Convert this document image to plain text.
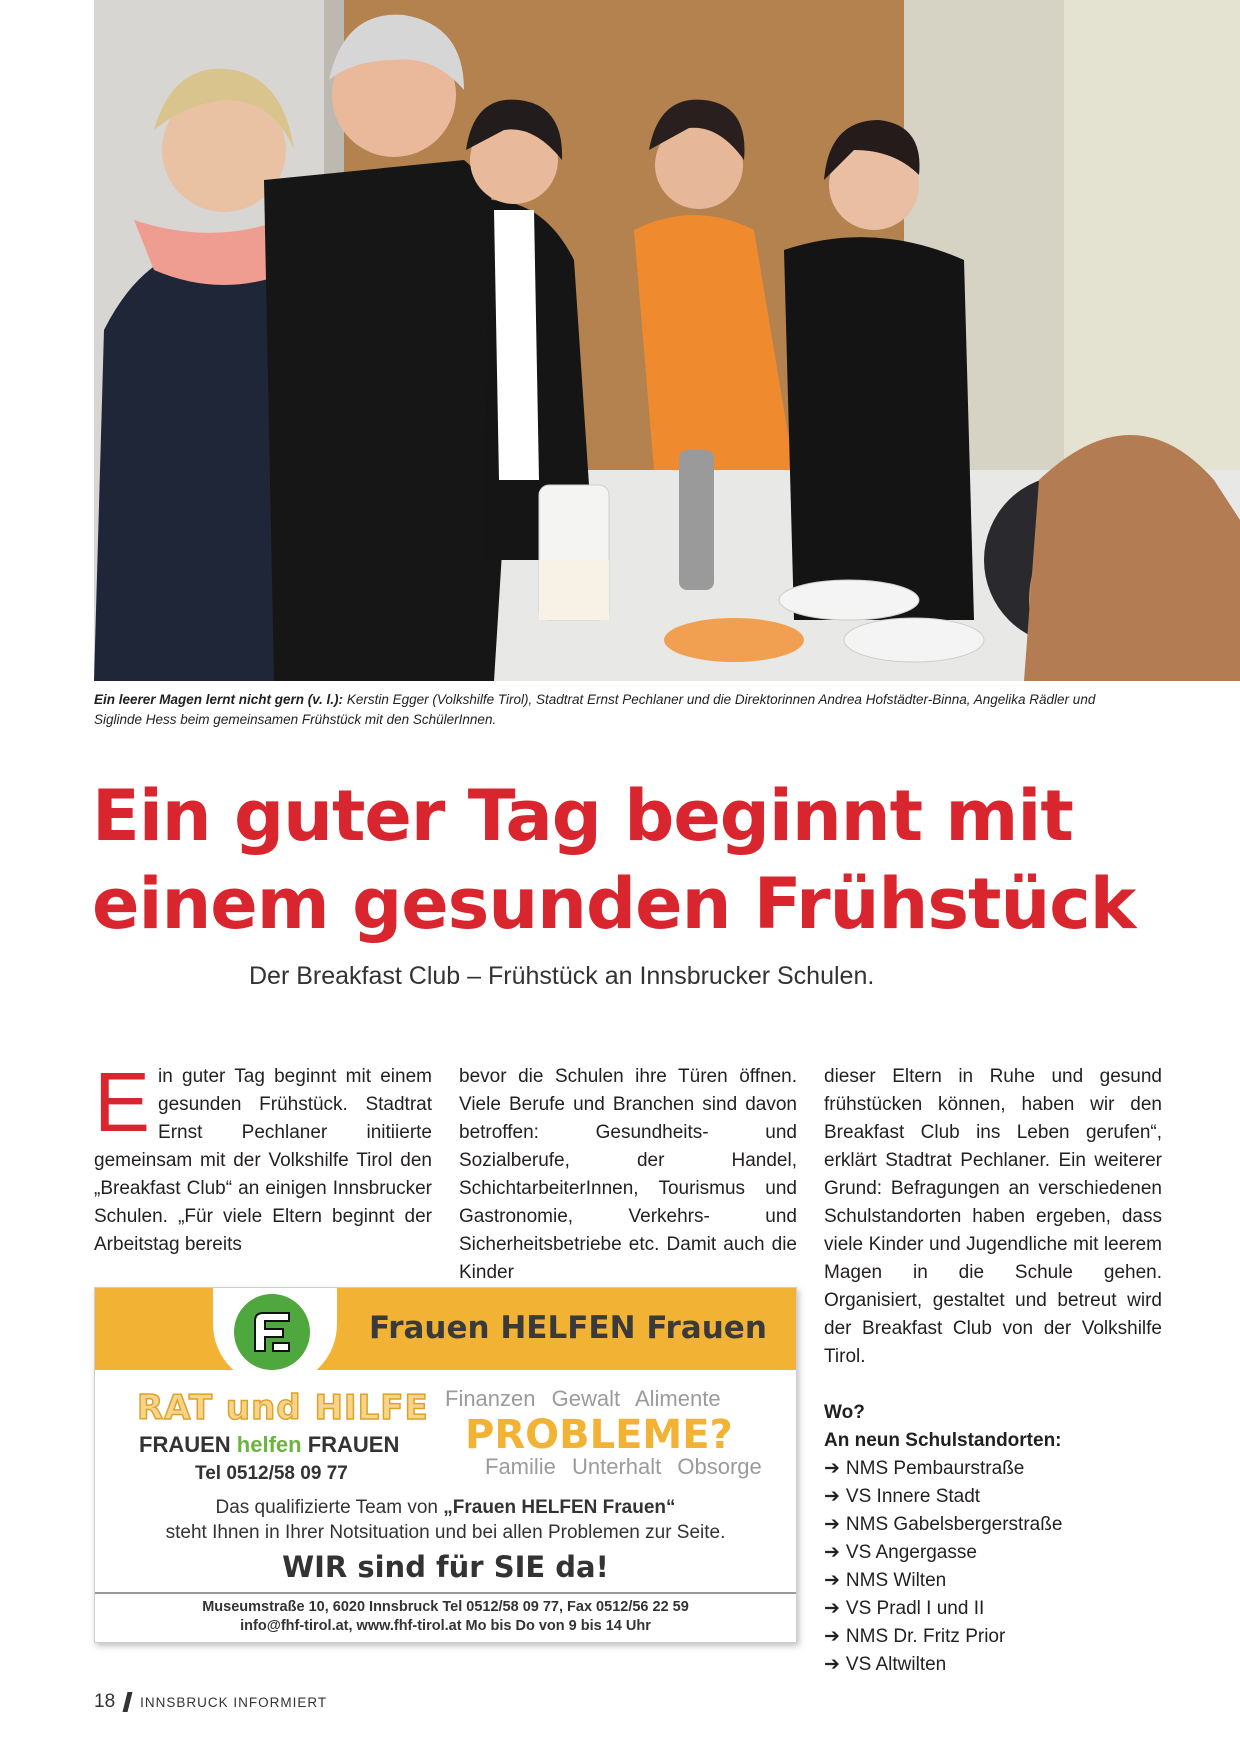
Ein leerer Magen lernt nicht gern (v. l.): Kerstin Egger (Volkshilfe Tirol), Stadtrat Ernst Pechlaner und die Direktorinnen Andrea Hofstädter-Binna, Angelika Rädler und Siglinde Hess beim gemeinsamen Frühstück mit den SchülerInnen.
Ein guter Tag beginnt mit
einem gesunden Frühstück
Der Breakfast Club – Frühstück an Innsbrucker Schulen.
Ein guter Tag beginnt mit einem gesunden Frühstück. Stadtrat Ernst Pechlaner initiierte gemeinsam mit der Volkshilfe Tirol den „Breakfast Club“ an einigen Innsbrucker Schulen. „Für viele Eltern beginnt der Arbeitstag bereits
bevor die Schulen ihre Türen öffnen. Viele Berufe und Branchen sind davon betroffen: Gesundheits- und Sozialberufe, der Handel, SchichtarbeiterInnen, Tourismus und Gastronomie, Verkehrs- und Sicherheitsbetriebe etc. Damit auch die Kinder
dieser Eltern in Ruhe und gesund frühstücken können, haben wir den Breakfast Club ins Leben gerufen“, erklärt Stadtrat Pechlaner. Ein weiterer Grund: Befragungen an verschiedenen Schulstandorten haben ergeben, dass viele Kinder und Jugendliche mit leerem Magen in die Schule gehen. Organisiert, gestaltet und betreut wird der Breakfast Club von der Volkshilfe Tirol.
Wo?
An neun Schulstandorten:
➔ NMS Pembaurstraße
➔ VS Innere Stadt
➔ NMS Gabelsbergerstraße
➔ VS Angergasse
➔ NMS Wilten
➔ VS Pradl I und II
➔ NMS Dr. Fritz Prior
➔ VS Altwilten
Frauen HELFEN Frauen
RAT und HILFE
FRAUEN helfen FRAUEN
Tel 0512/58 09 77
Finanzen Gewalt Alimente
PROBLEME?
Familie Unterhalt Obsorge
Das qualifizierte Team von „Frauen HELFEN Frauen“
steht Ihnen in Ihrer Notsituation und bei allen Problemen zur Seite.
WIR sind für SIE da!
Museumstraße 10, 6020 Innsbruck Tel 0512/58 09 77, Fax 0512/56 22 59
info@fhf-tirol.at, www.fhf-tirol.at Mo bis Do von 9 bis 14 Uhr
18 INNSBRUCK INFORMIERT
